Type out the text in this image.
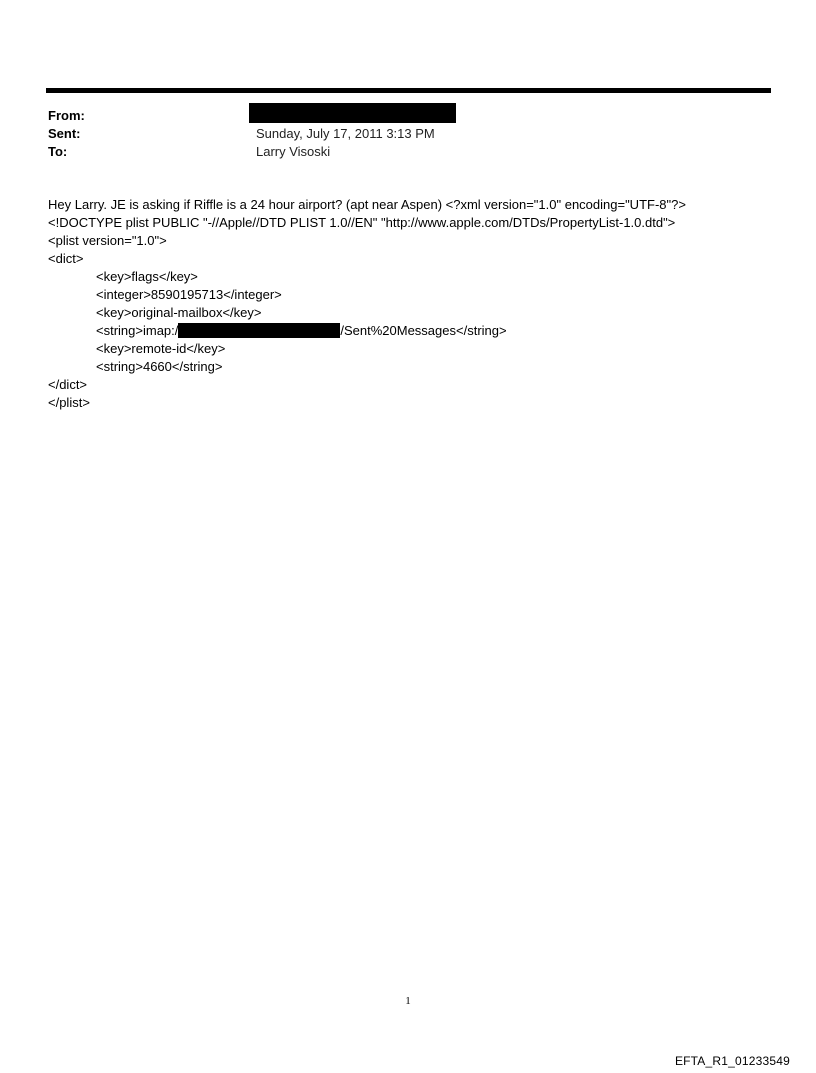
From:
Sent:	Sunday, July 17, 2011 3:13 PM
To:	Larry Visoski
Hey Larry. JE is asking if Riffle is a 24 hour airport? (apt near Aspen) <?xml version="1.0" encoding="UTF-8"?>
<!DOCTYPE plist PUBLIC "-//Apple//DTD PLIST 1.0//EN" "http://www.apple.com/DTDs/PropertyList-1.0.dtd">
<plist version="1.0">
<dict>
<key>flags</key>
<integer>8590195713</integer>
<key>original-mailbox</key>
<string>imap:/	/Sent%20Messages</string>
<key>remote-id</key>
<string>4660</string>
</dict>
</plist>
1
EFTA_R1_01233549
